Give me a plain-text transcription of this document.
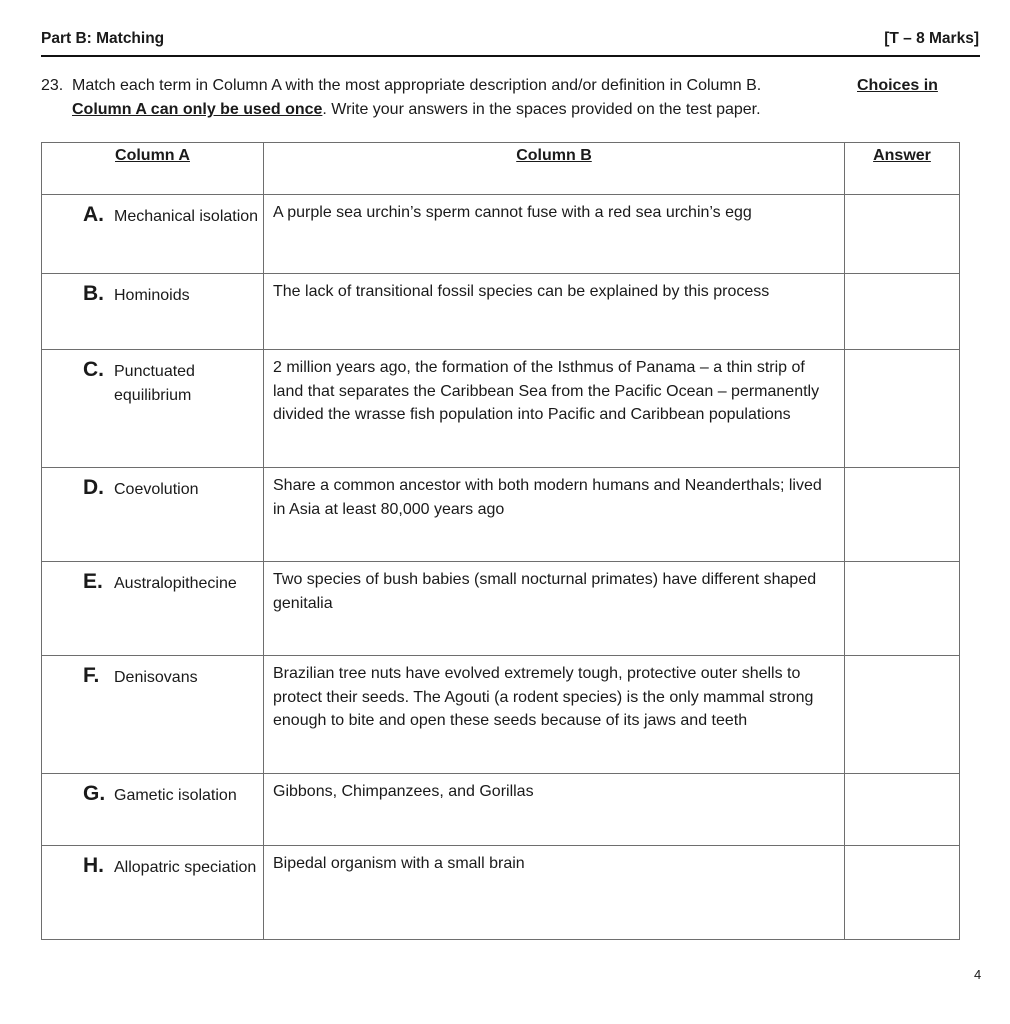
Part B: Matching	[T – 8 Marks]
23. Match each term in Column A with the most appropriate description and/or definition in Column B.	Choices in
Column A can only be used once. Write your answers in the spaces provided on the test paper.
Column A	Column B	Answer

A. Mechanical isolation	A purple sea urchin’s sperm cannot fuse with a red sea urchin’s egg	

B. Hominoids	The lack of transitional fossil species can be explained by this process	

C. Punctuated equilibrium	2 million years ago, the formation of the Isthmus of Panama – a thin strip of land that separates the Caribbean Sea from the Pacific Ocean – permanently divided the wrasse fish population into Pacific and Caribbean populations	

D. Coevolution	Share a common ancestor with both modern humans and Neanderthals; lived in Asia at least 80,000 years ago	

E. Australopithecine	Two species of bush babies (small nocturnal primates) have different shaped genitalia	

F. Denisovans	Brazilian tree nuts have evolved extremely tough, protective outer shells to protect their seeds. The Agouti (a rodent species) is the only mammal strong enough to bite and open these seeds because of its jaws and teeth	

G. Gametic isolation	Gibbons, Chimpanzees, and Gorillas	

H. Allopatric speciation	Bipedal organism with a small brain	

4
